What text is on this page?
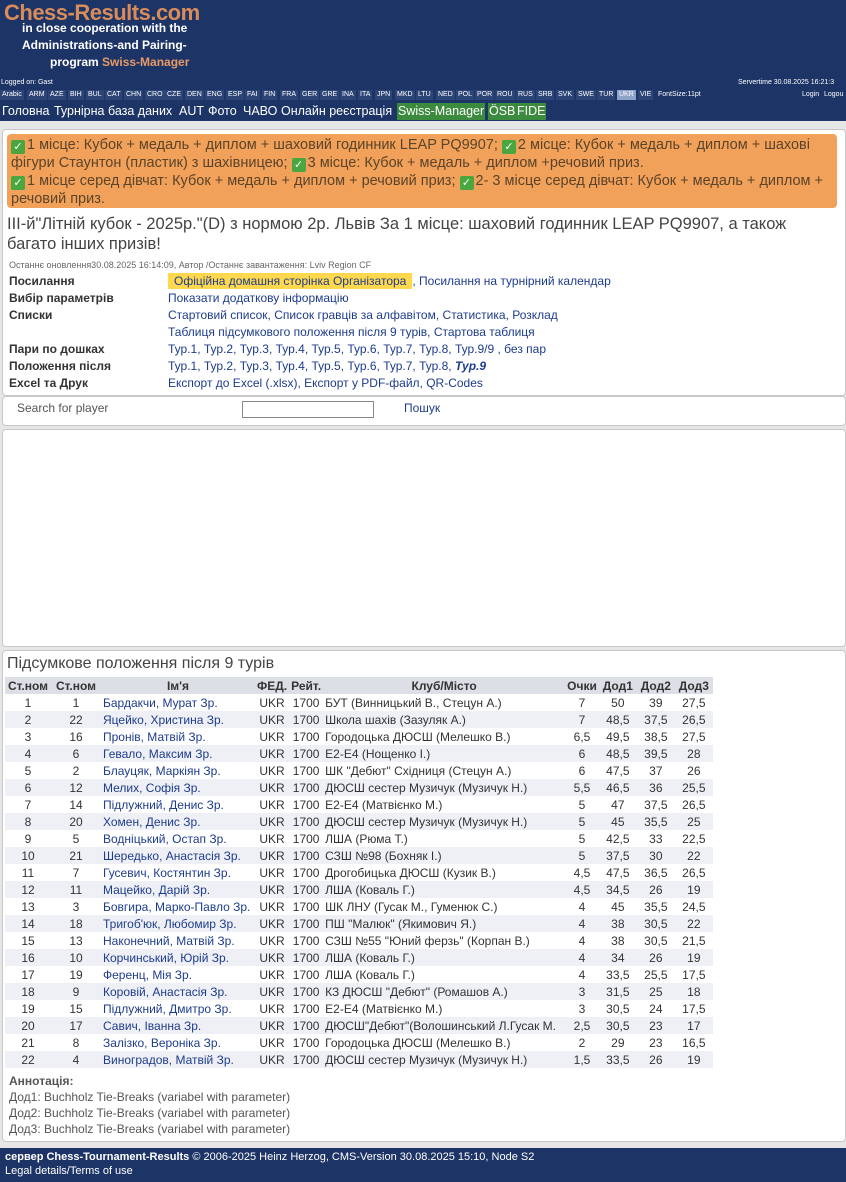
Chess-Results.com
in close cooperation with the
Administrations-and Pairing-
program Swiss-Manager
Logged on: Gast	Servertime 30.08.2025 16:21:3
Arabic ARM AZE BIH BUL CAT CHN CRO CZE DEN ENG ESP FAI FIN FRA GER GRE INA ITA JPN MKD LTU NED POL POR ROU RUS SRB SVK SWE TUR UKR VIE FontSize:11pt	Login Logou
Головна Турнірна база даних AUT Фото ЧАВО Онлайн реєстрація Swiss-Manager ÖSB FIDE
✓ 1 місце: Кубок + медаль + диплом + шаховий годинник LEAP PQ9907; ✓ 2 місце: Кубок + медаль + диплом + шахові фігури Стаунтон (пластик) з шахівницею; ✓ 3 місце: Кубок + медаль + диплом +речовий приз.
✓ 1 місце серед дівчат: Кубок + медаль + диплом + речовий приз; ✓ 2- 3 місце серед дівчат: Кубок + медаль + диплом + речовий приз.
ІІІ-й"Літній кубок - 2025р."(D) з нормою 2р. Львів За 1 місце: шаховий годинник LEAP PQ9907, а також багато інших призів!
Останнє оновлення30.08.2025 16:14:09, Автор /Останнє завантаження: Lviv Region CF
Посилання	Офіційна домашня сторінка Організатора , Посилання на турнірний календар
Вибір параметрів	Показати додаткову інформацію
Списки	Стартовий список, Список гравців за алфавітом, Статистика, Розклад
Таблиця підсумкового положення після 9 турів, Стартова таблиця
Пари по дошках	Тур.1, Тур.2, Тур.3, Тур.4, Тур.5, Тур.6, Тур.7, Тур.8, Тур.9/9 , без пар
Положення після	Тур.1, Тур.2, Тур.3, Тур.4, Тур.5, Тур.6, Тур.7, Тур.8, Тур.9
Excel та Друк	Експорт до Excel (.xlsx), Експорт у PDF-файл, QR-Codes
Search for player	Пошук
Підсумкове положення після 9 турів
Ст.ном	Ст.ном	Ім'я	ФЕД.	Рейт.	Клуб/Місто	Очки	Дод1	Дод2	Дод3
1	1	Бардакчи, Мурат Зр.	UKR	1700	БУТ (Винницький В., Стецун А.)	7	50	39	27,5
2	22	Яцейко, Христина Зр.	UKR	1700	Школа шахів (Зазуляк А.)	7	48,5	37,5	26,5
3	16	Пронів, Матвій Зр.	UKR	1700	Городоцька ДЮСШ (Мелешко В.)	6,5	49,5	38,5	27,5
4	6	Гевало, Максим Зр.	UKR	1700	Е2-Е4 (Нощенко І.)	6	48,5	39,5	28
5	2	Блауцяк, Маркіян Зр.	UKR	1700	ШК "Дебют" Східниця (Стецун А.)	6	47,5	37	26
6	12	Мелих, Софія Зр.	UKR	1700	ДЮСШ сестер Музичук (Музичук Н.)	5,5	46,5	36	25,5
7	14	Підлужний, Денис Зр.	UKR	1700	Е2-Е4 (Матвієнко М.)	5	47	37,5	26,5
8	20	Хомен, Денис Зр.	UKR	1700	ДЮСШ сестер Музичук (Музичук Н.)	5	45	35,5	25
9	5	Водніцький, Остап Зр.	UKR	1700	ЛША (Рюма Т.)	5	42,5	33	22,5
10	21	Шередько, Анастасія Зр.	UKR	1700	СЗШ №98 (Бохняк І.)	5	37,5	30	22
11	7	Гусевич, Костянтин Зр.	UKR	1700	Дрогобицька ДЮСШ (Кузик В.)	4,5	47,5	36,5	26,5
12	11	Мацейко, Дарій Зр.	UKR	1700	ЛША (Коваль Г.)	4,5	34,5	26	19
13	3	Бовгира, Марко-Павло Зр.	UKR	1700	ШК ЛНУ (Гусак М., Гуменюк С.)	4	45	35,5	24,5
14	18	Тригоб'юк, Любомир Зр.	UKR	1700	ПШ "Малюк" (Якимович Я.)	4	38	30,5	22
15	13	Наконечний, Матвій Зр.	UKR	1700	СЗШ №55 "Юний ферзь" (Корпан В.)	4	38	30,5	21,5
16	10	Корчинський, Юрій Зр.	UKR	1700	ЛША (Коваль Г.)	4	34	26	19
17	19	Ференц, Мія Зр.	UKR	1700	ЛША (Коваль Г.)	4	33,5	25,5	17,5
18	9	Коровій, Анастасія Зр.	UKR	1700	КЗ ДЮСШ "Дебют" (Ромашов А.)	3	31,5	25	18
19	15	Підлужний, Дмитро Зр.	UKR	1700	Е2-Е4 (Матвієнко М.)	3	30,5	24	17,5
20	17	Савич, Іванна Зр.	UKR	1700	ДЮСШ"Дебют"(Волошинський Л.Гусак М.	2,5	30,5	23	17
21	8	Залізко, Вероніка Зр.	UKR	1700	Городоцька ДЮСШ (Мелешко В.)	2	29	23	16,5
22	4	Виноградов, Матвій Зр.	UKR	1700	ДЮСШ сестер Музичук (Музичук Н.)	1,5	33,5	26	19
Аннотація:
Дод1: Buchholz Tie-Breaks (variabel with parameter)
Дод2: Buchholz Tie-Breaks (variabel with parameter)
Дод3: Buchholz Tie-Breaks (variabel with parameter)
сервер Chess-Tournament-Results © 2006-2025 Heinz Herzog, CMS-Version 30.08.2025 15:10, Node S2
Legal details/Terms of use
